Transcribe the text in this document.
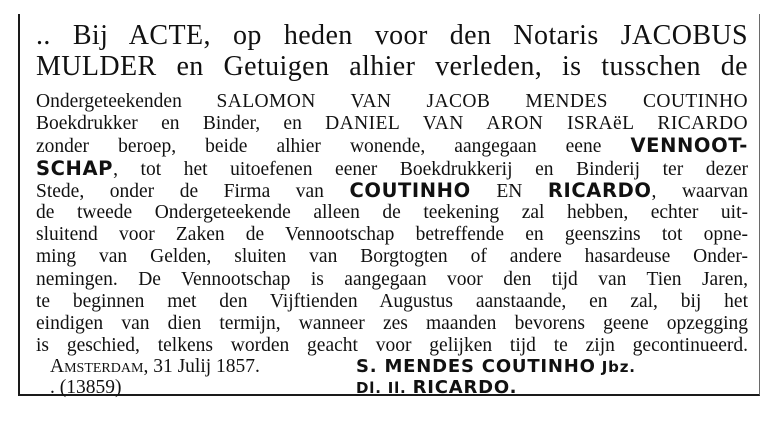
.. Bij ACTE, op heden voor den Notaris JACOBUS
MULDER en Getuigen alhier verleden, is tusschen de
Ondergeteekenden SALOMON VAN JACOB MENDES COUTINHO
Boekdrukker en Binder, en DANIEL VAN ARON ISRAëL RICARDO
zonder beroep, beide alhier wonende, aangegaan eene VENNOOT-
SCHAP, tot het uitoefenen eener Boekdrukkerij en Binderij ter dezer
Stede, onder de Firma van COUTINHO EN RICARDO, waarvan
de tweede Ondergeteekende alleen de teekening zal hebben, echter uit-
sluitend voor Zaken de Vennootschap betreffende en geenszins tot opne-
ming van Gelden, sluiten van Borgtogten of andere hasardeuse Onder-
nemingen. De Vennootschap is aangegaan voor den tijd van Tien Jaren,
te beginnen met den Vijftienden Augustus aanstaande, en zal, bij het
eindigen van dien termijn, wanneer zes maanden bevorens geene opzegging
is geschied, telkens worden geacht voor gelijken tijd te zijn gecontinueerd.
Amsterdam, 31 Julij 1857.
. (13859)
S. MENDES COUTINHO Jbz.
Dl. Il. RICARDO.
